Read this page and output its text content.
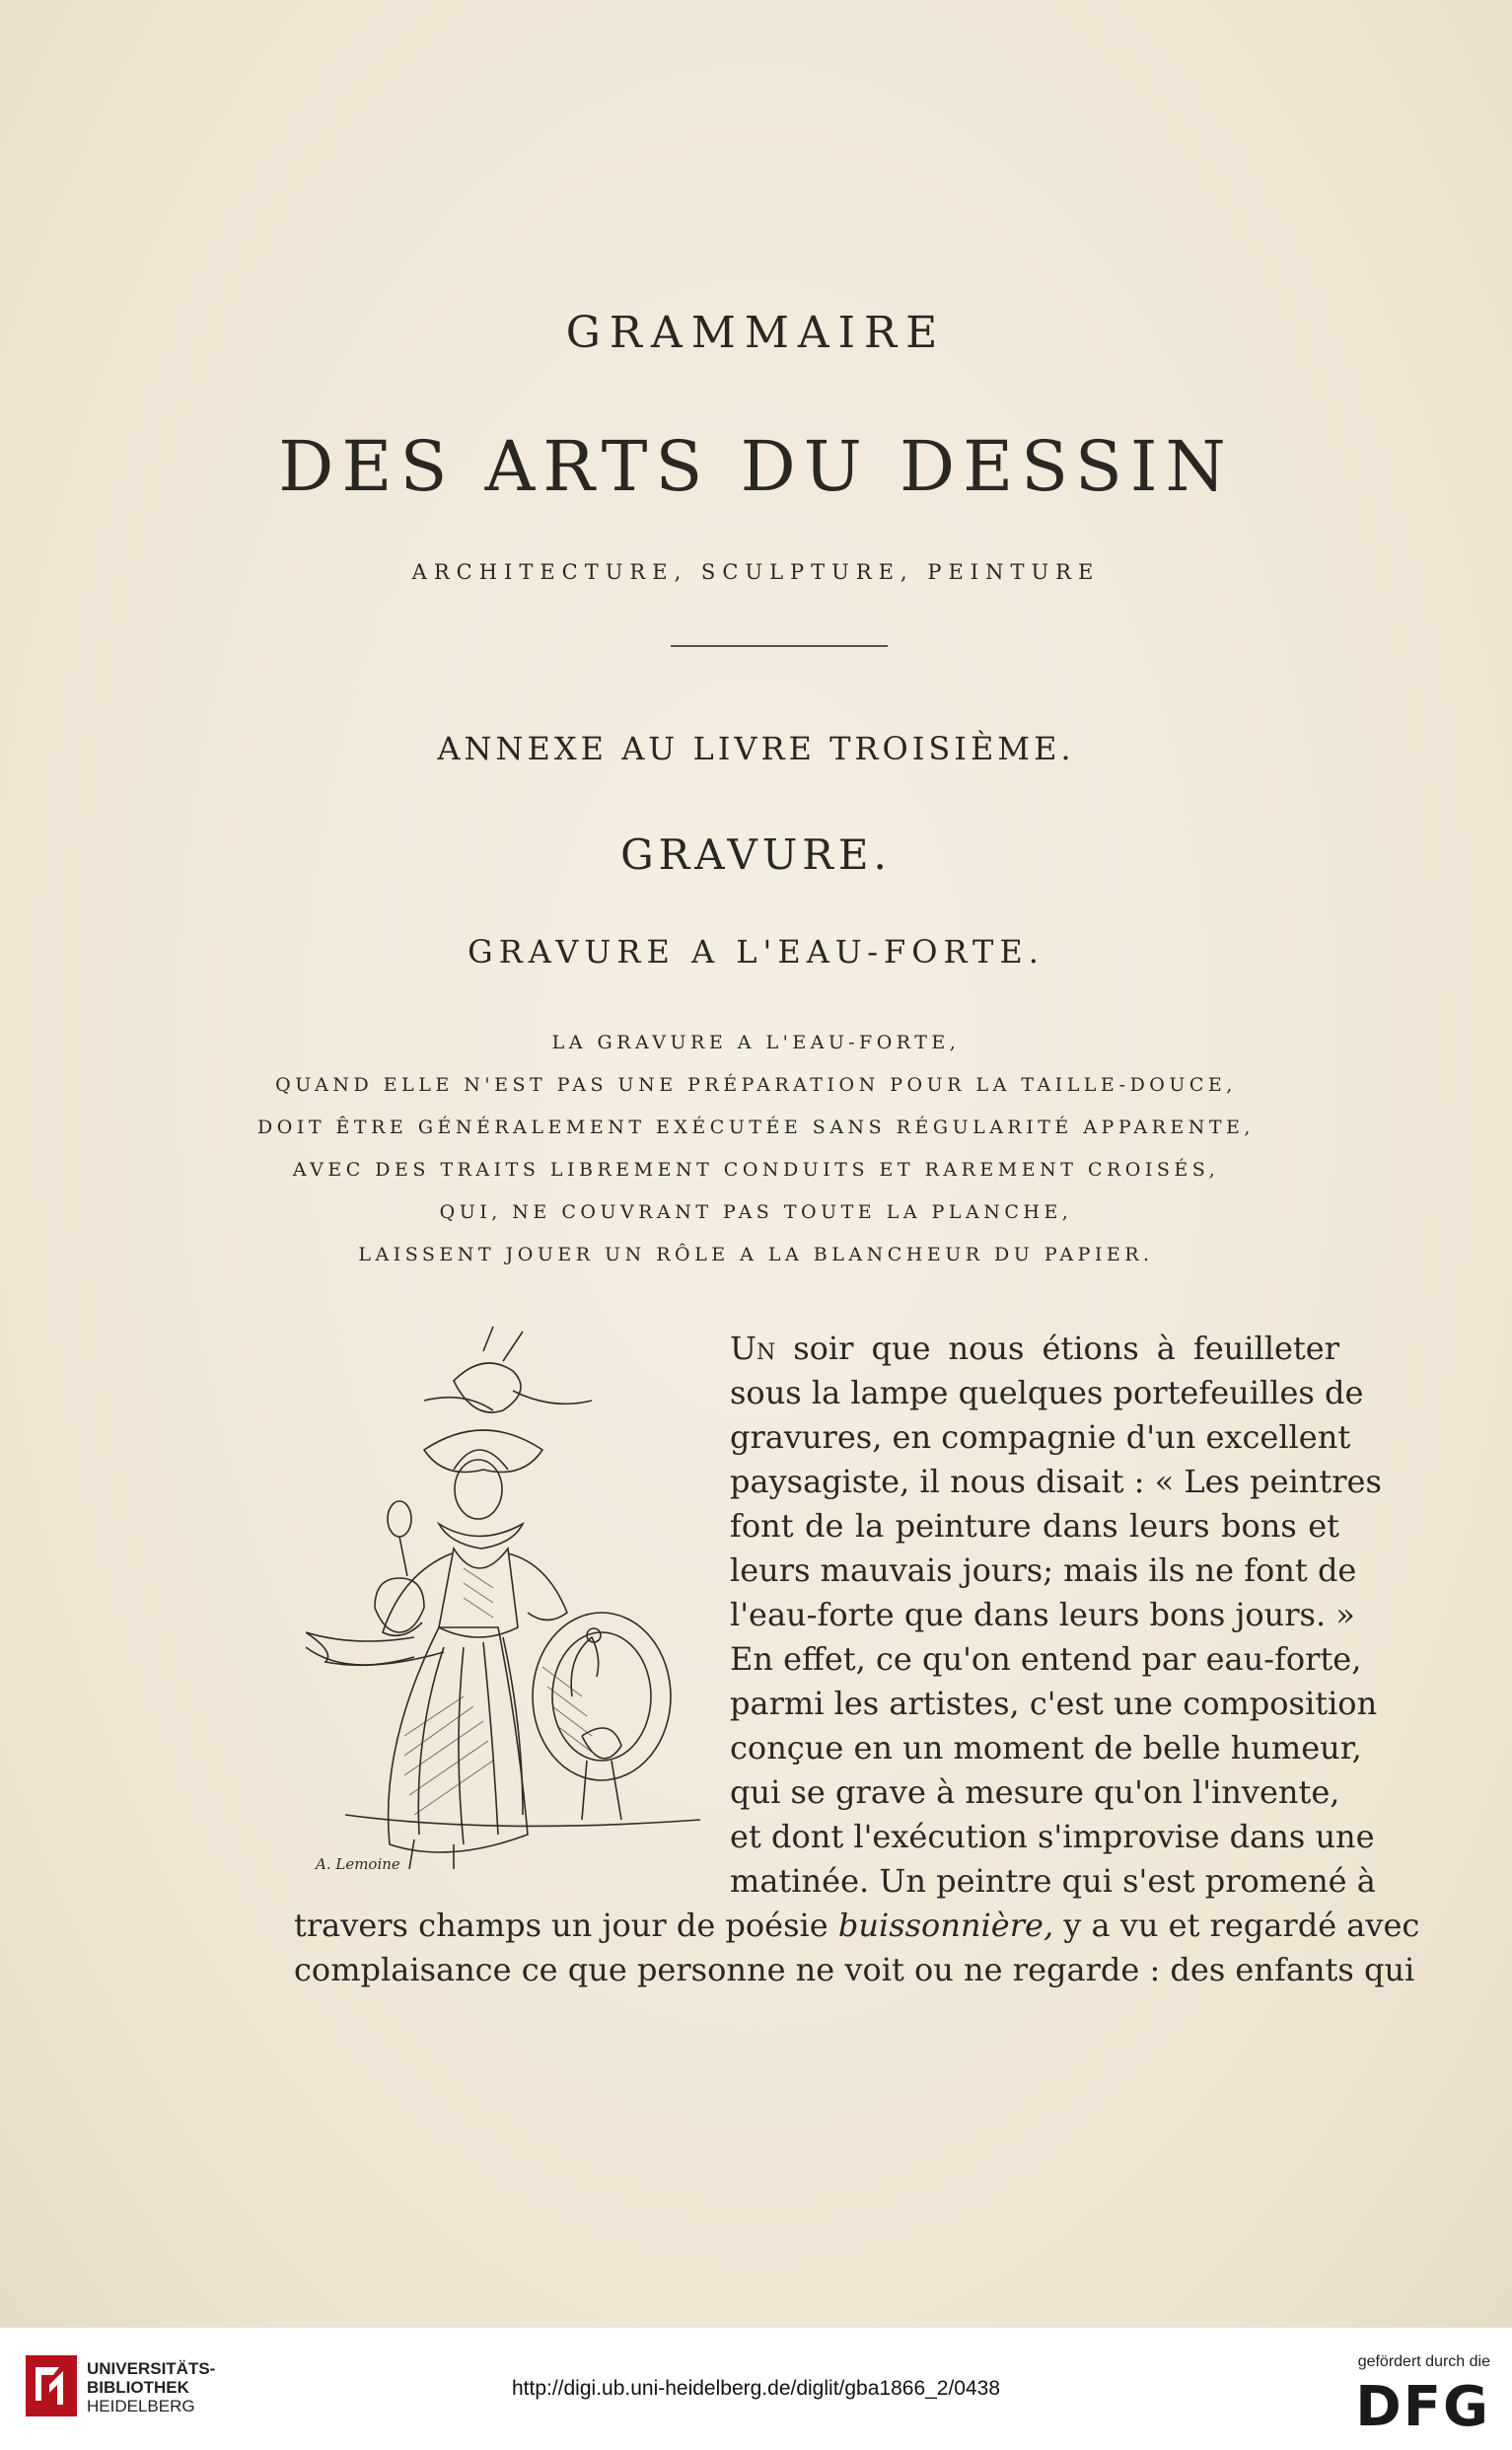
GRAMMAIRE
DES ARTS DU DESSIN
ARCHITECTURE, SCULPTURE, PEINTURE
ANNEXE AU LIVRE TROISIÈME.
GRAVURE.
GRAVURE A L'EAU-FORTE.
LA GRAVURE A L'EAU-FORTE,
QUAND ELLE N'EST PAS UNE PRÉPARATION POUR LA TAILLE-DOUCE,
DOIT ÊTRE GÉNÉRALEMENT EXÉCUTÉE SANS RÉGULARITÉ APPARENTE,
AVEC DES TRAITS LIBREMENT CONDUITS ET RAREMENT CROISÉS,
QUI, NE COUVRANT PAS TOUTE LA PLANCHE,
LAISSENT JOUER UN RÔLE A LA BLANCHEUR DU PAPIER.
A. Lemoine
Un soir que nous étions à feuilleter
sous la lampe quelques portefeuilles de
gravures, en compagnie d'un excellent
paysagiste, il nous disait : « Les peintres
font de la peinture dans leurs bons et
leurs mauvais jours; mais ils ne font de
l'eau-forte que dans leurs bons jours. »
En effet, ce qu'on entend par eau-forte,
parmi les artistes, c'est une composition
conçue en un moment de belle humeur,
qui se grave à mesure qu'on l'invente,
et dont l'exécution s'improvise dans une
matinée. Un peintre qui s'est promené à
travers champs un jour de poésie buissonnière, y a vu et regardé avec
complaisance ce que personne ne voit ou ne regarde : des enfants qui
UNIVERSITÄTS-
BIBLIOTHEK
HEIDELBERG
http://digi.ub.uni-heidelberg.de/diglit/gba1866_2/0438
gefördert durch die
DFG
